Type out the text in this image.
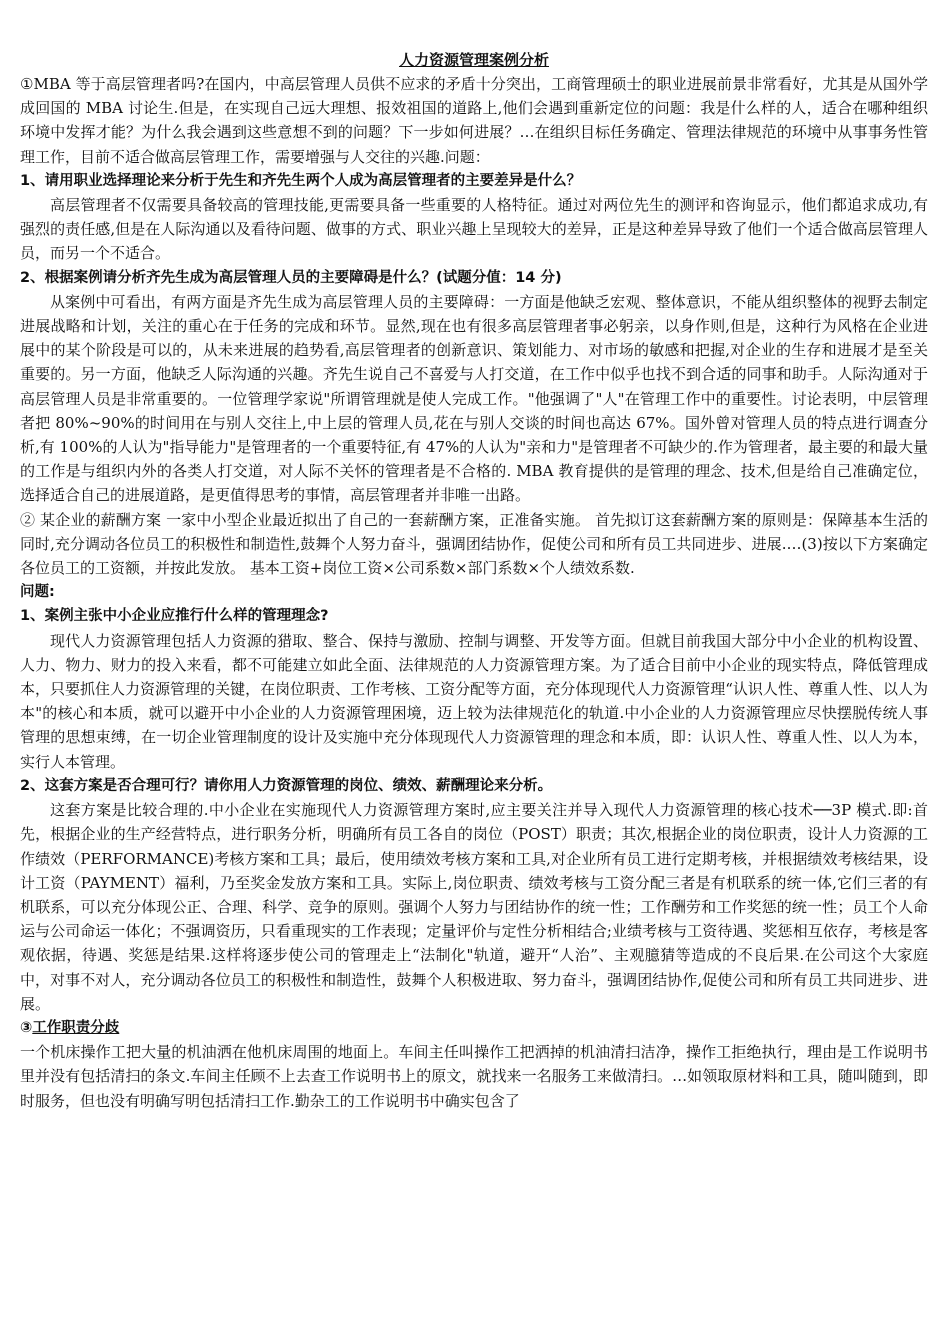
人力资源管理案例分析

①MBA 等于高层管理者吗?在国内，中高层管理人员供不应求的矛盾十分突出，工商管理硕士的职业进展前景非常看好，尤其是从国外学成回国的 MBA 讨论生.但是，在实现自己远大理想、报效祖国的道路上,他们会遇到重新定位的问题：我是什么样的人，适合在哪种组织环境中发挥才能？为什么我会遇到这些意想不到的问题？下一步如何进展？…在组织目标任务确定、管理法律规范的环境中从事事务性管理工作，目前不适合做高层管理工作，需要增强与人交往的兴趣.问题：

1、请用职业选择理论来分析于先生和齐先生两个人成为高层管理者的主要差异是什么？

高层管理者不仅需要具备较高的管理技能,更需要具备一些重要的人格特征。通过对两位先生的测评和咨询显示，他们都追求成功,有强烈的责任感,但是在人际沟通以及看待问题、做事的方式、职业兴趣上呈现较大的差异，正是这种差异导致了他们一个适合做高层管理人员，而另一个不适合。

2、根据案例请分析齐先生成为高层管理人员的主要障碍是什么？(试题分值：14 分)

从案例中可看出，有两方面是齐先生成为高层管理人员的主要障碍：一方面是他缺乏宏观、整体意识，不能从组织整体的视野去制定进展战略和计划，关注的重心在于任务的完成和环节。显然,现在也有很多高层管理者事必躬亲，以身作则,但是，这种行为风格在企业进展中的某个阶段是可以的，从未来进展的趋势看,高层管理者的创新意识、策划能力、对市场的敏感和把握,对企业的生存和进展才是至关重要的。另一方面，他缺乏人际沟通的兴趣。齐先生说自己不喜爱与人打交道，在工作中似乎也找不到合适的同事和助手。人际沟通对于高层管理人员是非常重要的。一位管理学家说"所谓管理就是使人完成工作。"他强调了"人"在管理工作中的重要性。讨论表明，中层管理者把 80%~90%的时间用在与别人交往上,中上层的管理人员,花在与别人交谈的时间也高达 67%。国外曾对管理人员的特点进行调查分析,有 100%的人认为"指导能力"是管理者的一个重要特征,有 47%的人认为"亲和力"是管理者不可缺少的.作为管理者，最主要的和最大量的工作是与组织内外的各类人打交道，对人际不关怀的管理者是不合格的. MBA 教育提供的是管理的理念、技术,但是给自己准确定位，选择适合自己的进展道路，是更值得思考的事情，高层管理者并非唯一出路。

② 某企业的薪酬方案 一家中小型企业最近拟出了自己的一套薪酬方案，正准备实施。 首先拟订这套薪酬方案的原则是：保障基本生活的同时,充分调动各位员工的积极性和制造性,鼓舞个人努力奋斗，强调团结协作，促使公司和所有员工共同进步、进展.…(3)按以下方案确定各位员工的工资额，并按此发放。 基本工资+岗位工资×公司系数×部门系数×个人绩效系数.

问题:

1、案例主张中小企业应推行什么样的管理理念?

现代人力资源管理包括人力资源的猎取、整合、保持与激励、控制与调整、开发等方面。但就目前我国大部分中小企业的机构设置、人力、物力、财力的投入来看，都不可能建立如此全面、法律规范的人力资源管理方案。为了适合目前中小企业的现实特点，降低管理成本，只要抓住人力资源管理的关键，在岗位职责、工作考核、工资分配等方面，充分体现现代人力资源管理“认识人性、尊重人性、以人为本"的核心和本质，就可以避开中小企业的人力资源管理困境，迈上较为法律规范化的轨道.中小企业的人力资源管理应尽快摆脱传统人事管理的思想束缚，在一切企业管理制度的设计及实施中充分体现现代人力资源管理的理念和本质，即：认识人性、尊重人性、以人为本，实行人本管理。

2、这套方案是否合理可行？请你用人力资源管理的岗位、绩效、薪酬理论来分析。

这套方案是比较合理的.中小企业在实施现代人力资源管理方案时,应主要关注并导入现代人力资源管理的核心技术──3P 模式.即:首先，根据企业的生产经营特点，进行职务分析，明确所有员工各自的岗位（POST）职责；其次,根据企业的岗位职责，设计人力资源的工作绩效（PERFORMANCE)考核方案和工具；最后，使用绩效考核方案和工具,对企业所有员工进行定期考核，并根据绩效考核结果，设计工资（PAYMENT）福利，乃至奖金发放方案和工具。实际上,岗位职责、绩效考核与工资分配三者是有机联系的统一体,它们三者的有机联系，可以充分体现公正、合理、科学、竞争的原则。强调个人努力与团结协作的统一性；工作酬劳和工作奖惩的统一性；员工个人命运与公司命运一体化；不强调资历，只看重现实的工作表现；定量评价与定性分析相结合;业绩考核与工资待遇、奖惩相互依存，考核是客观依据，待遇、奖惩是结果.这样将逐步使公司的管理走上“法制化"轨道，避开“人治”、主观臆猜等造成的不良后果.在公司这个大家庭中，对事不对人，充分调动各位员工的积极性和制造性，鼓舞个人积极进取、努力奋斗，强调团结协作,促使公司和所有员工共同进步、进展。

③工作职责分歧

一个机床操作工把大量的机油洒在他机床周围的地面上。车间主任叫操作工把洒掉的机油清扫洁净，操作工拒绝执行，理由是工作说明书里并没有包括清扫的条文.车间主任顾不上去查工作说明书上的原文，就找来一名服务工来做清扫。…如领取原材料和工具，随叫随到，即时服务，但也没有明确写明包括清扫工作.勤杂工的工作说明书中确实包含了
